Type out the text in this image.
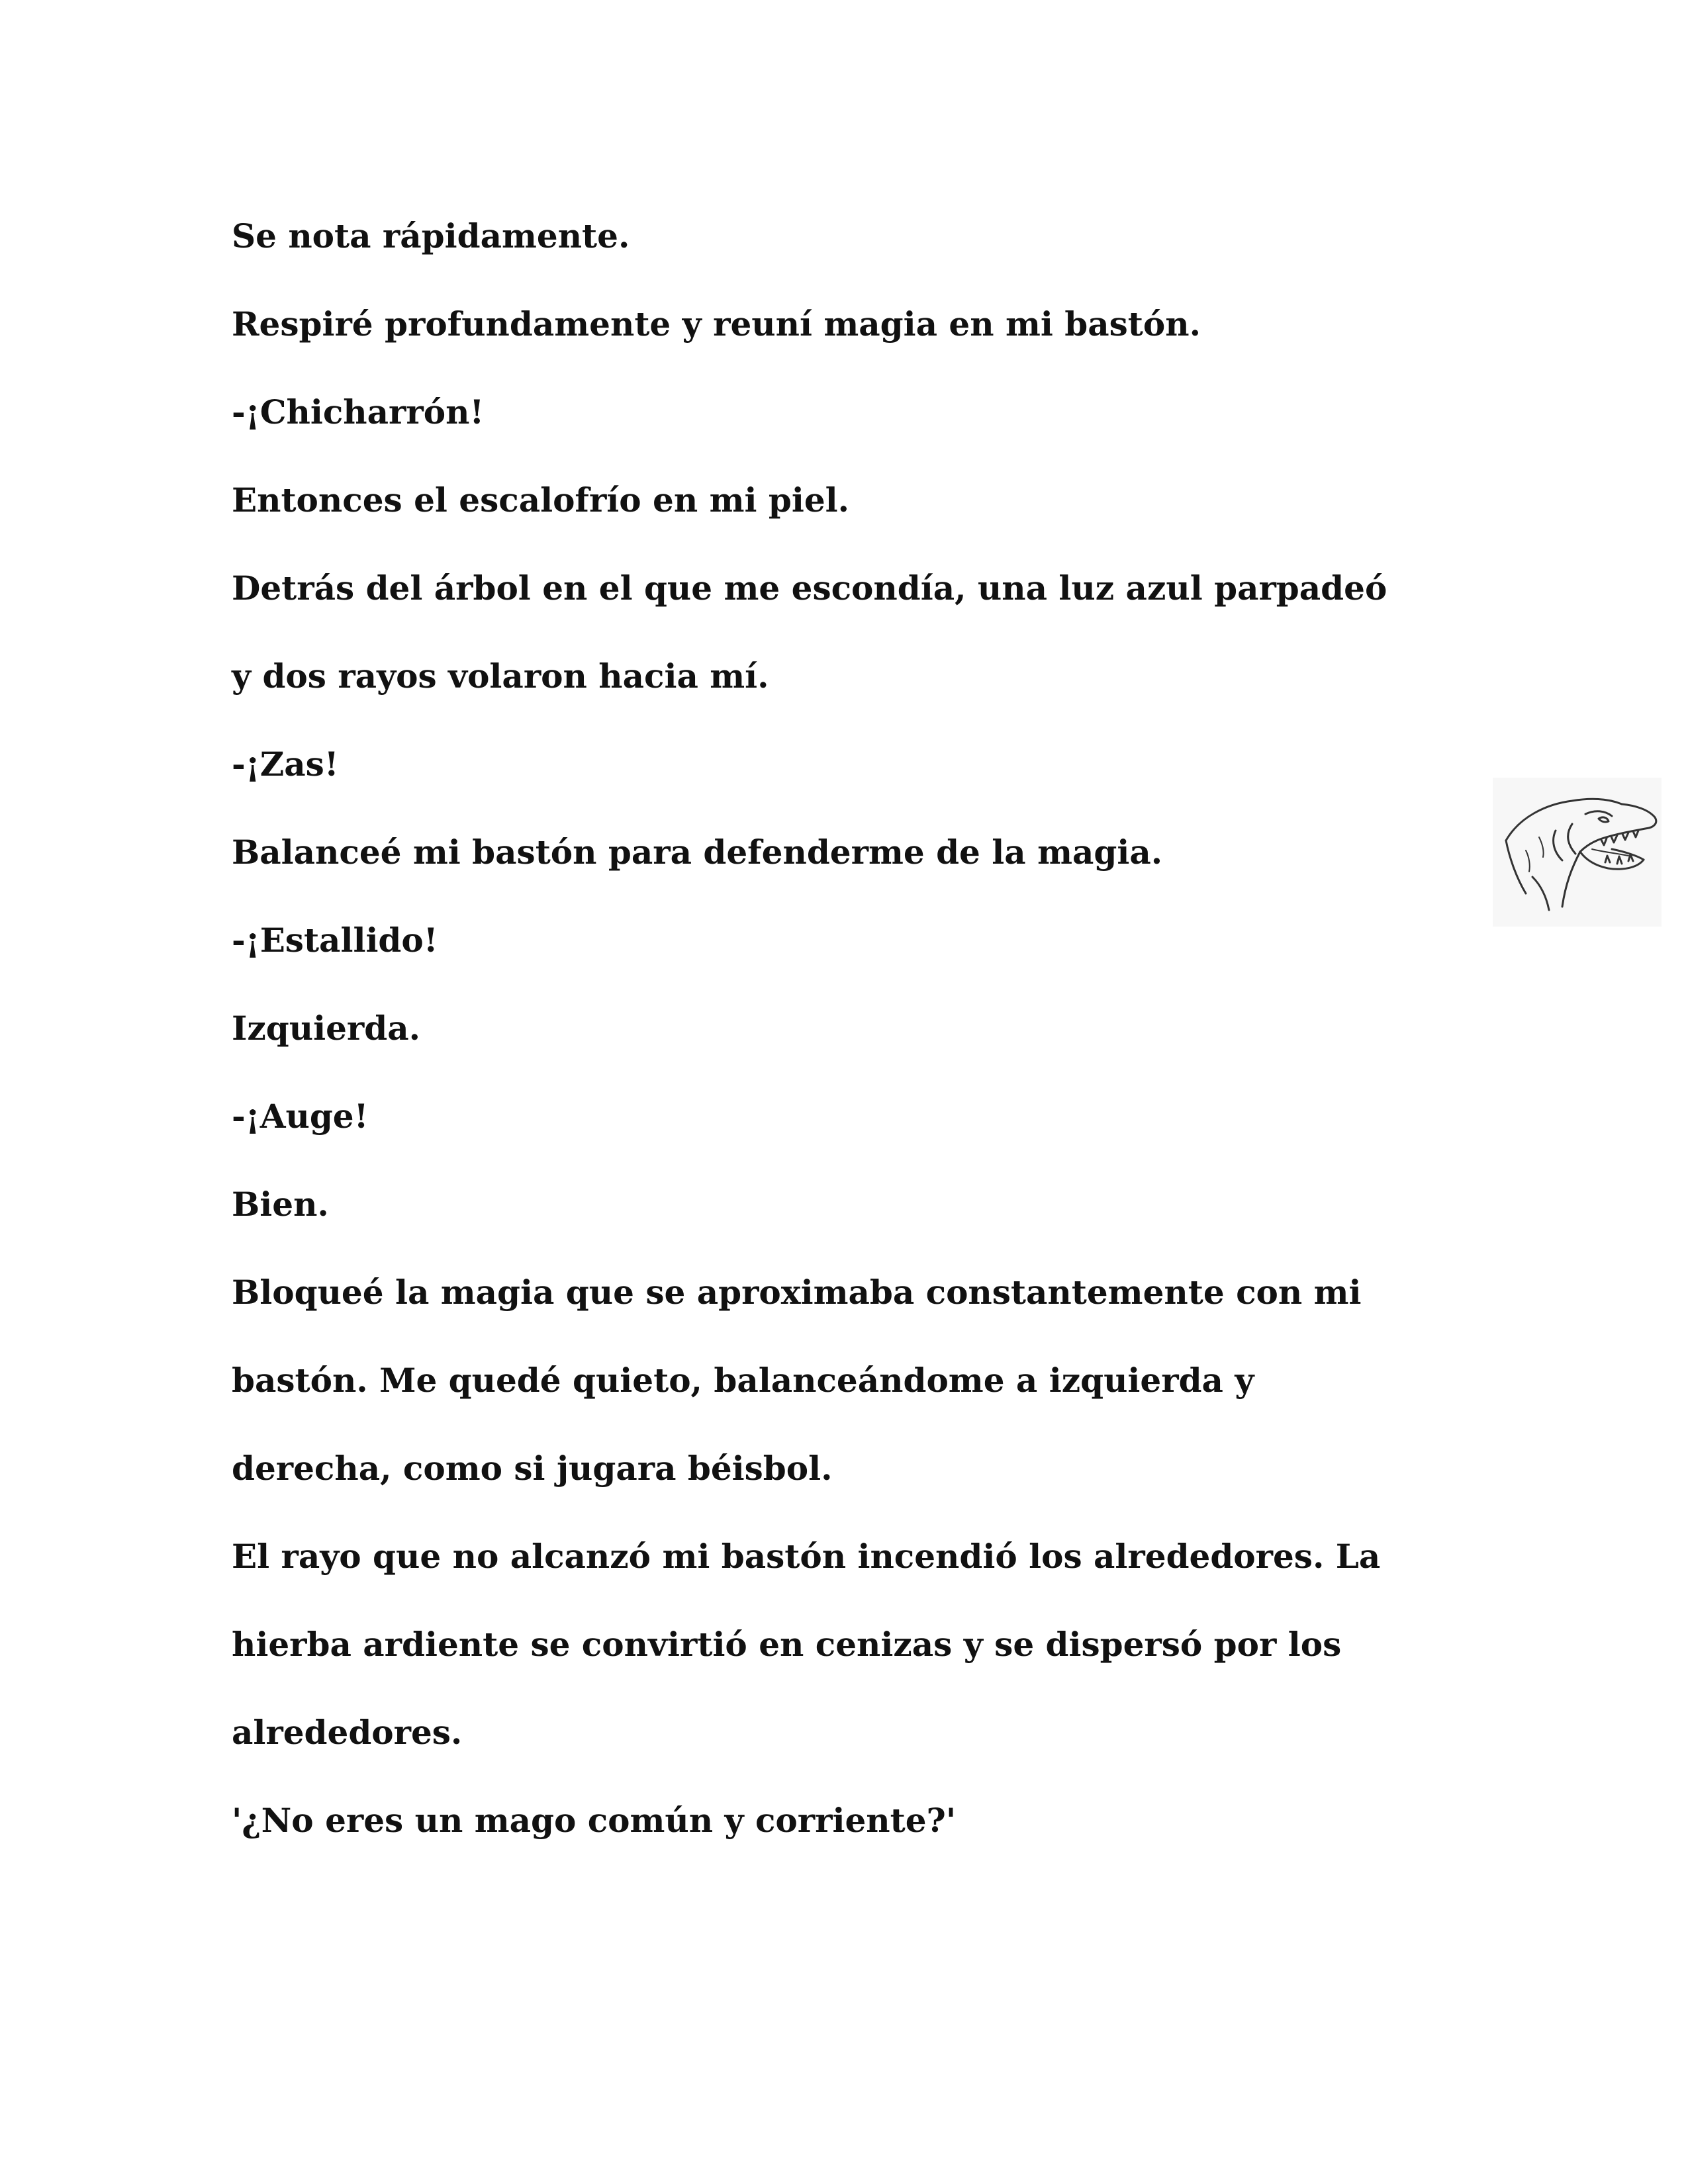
Se nota rápidamente.
Respiré profundamente y reuní magia en mi bastón.
-¡Chicharrón!
Entonces el escalofrío en mi piel.
Detrás del árbol en el que me escondía, una luz azul parpadeó
y dos rayos volaron hacia mí.
-¡Zas!
Balanceé mi bastón para defenderme de la magia.
-¡Estallido!
Izquierda.
-¡Auge!
Bien.
Bloqueé la magia que se aproximaba constantemente con mi
bastón. Me quedé quieto, balanceándome a izquierda y
derecha, como si jugara béisbol.
El rayo que no alcanzó mi bastón incendió los alrededores. La
hierba ardiente se convirtió en cenizas y se dispersó por los
alrededores.
'¿No eres un mago común y corriente?'
